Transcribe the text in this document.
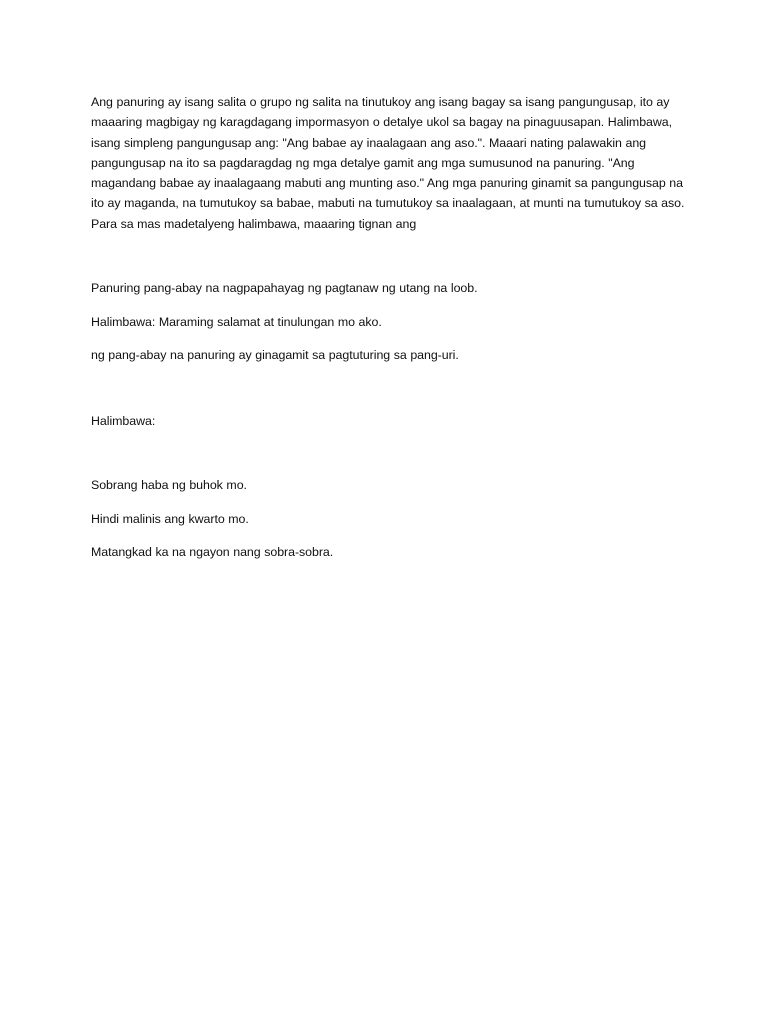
Ang panuring ay isang salita o grupo ng salita na tinutukoy ang isang bagay sa isang pangungusap, ito ay maaaring magbigay ng karagdagang impormasyon o detalye ukol sa bagay na pinaguusapan. Halimbawa, isang simpleng pangungusap ang: "Ang babae ay inaalagaan ang aso.". Maaari nating palawakin ang pangungusap na ito sa pagdaragdag ng mga detalye gamit ang mga sumusunod na panuring. "Ang magandang babae ay inaalagaang mabuti ang munting aso." Ang mga panuring ginamit sa pangungusap na ito ay maganda, na tumutukoy sa babae, mabuti na tumutukoy sa inaalagaan, at munti na tumutukoy sa aso. Para sa mas madetalyeng halimbawa, maaaring tignan ang

Panuring pang-abay na nagpapahayag ng pagtanaw ng utang na loob.

Halimbawa: Maraming salamat at tinulungan mo ako.

ng pang-abay na panuring ay ginagamit sa pagtuturing sa pang-uri.

Halimbawa:

Sobrang haba ng buhok mo.

Hindi malinis ang kwarto mo.

Matangkad ka na ngayon nang sobra-sobra.
